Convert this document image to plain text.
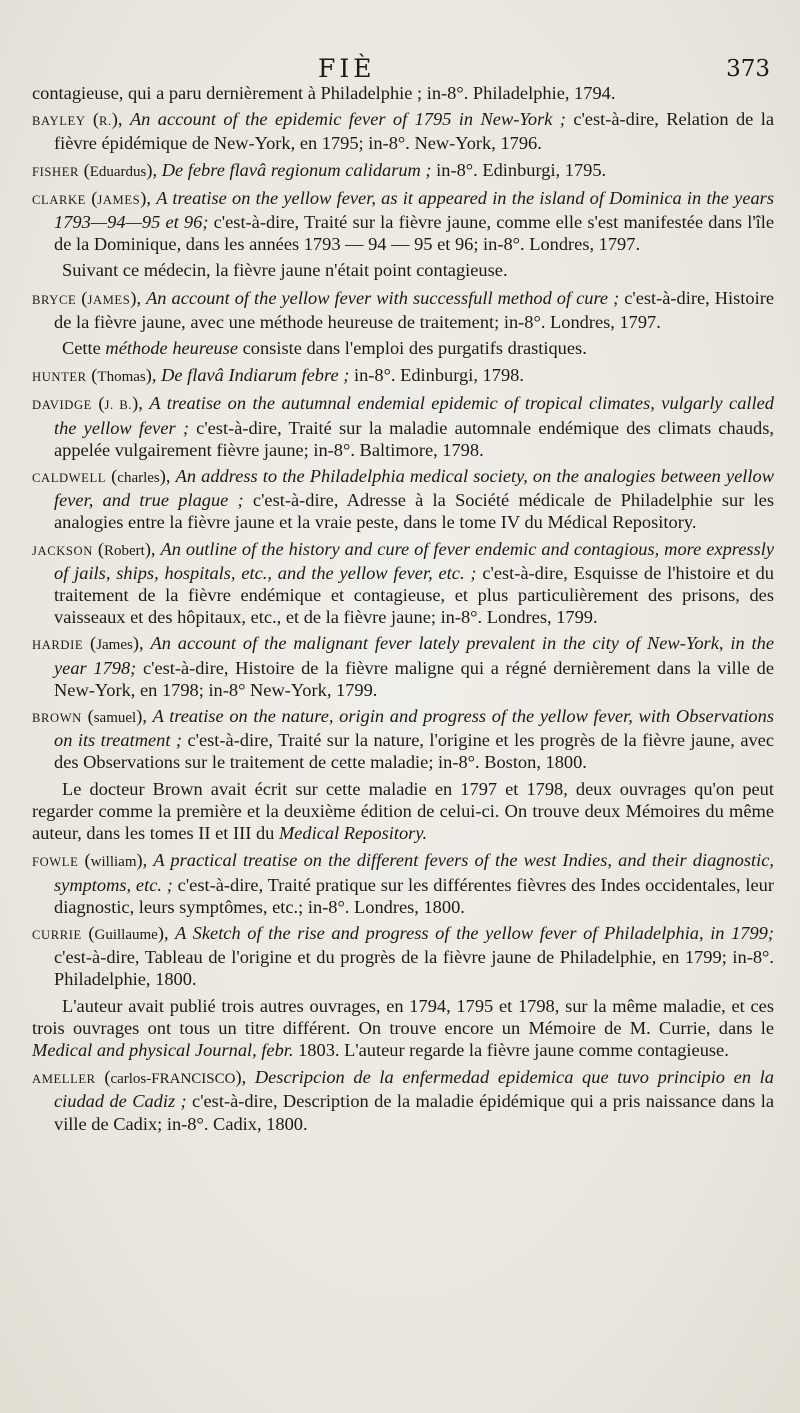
FIÈ	373

contagieuse, qui a paru dernièrement à Philadelphie ; in-8°. Philadelphie, 1794.

BAYLEY (R.), An account of the epidemic fever of 1795 in New-York ; c'est-à-dire, Relation de la fièvre épidémique de New-York, en 1795; in-8°. New-York, 1796.

FISHER (Eduardus), De febre flavâ regionum calidarum ; in-8°. Edinburgi, 1795.

CLARKE (JAMES), A treatise on the yellow fever, as it appeared in the island of Dominica in the years 1793—94—95 et 96; c'est-à-dire, Traité sur la fièvre jaune, comme elle s'est manifestée dans l'île de la Dominique, dans les années 1793 — 94 — 95 et 96; in-8°. Londres, 1797.

Suivant ce médecin, la fièvre jaune n'était point contagieuse.

BRYCE (JAMES), An account of the yellow fever with successfull method of cure ; c'est-à-dire, Histoire de la fièvre jaune, avec une méthode heureuse de traitement; in-8°. Londres, 1797.

Cette méthode heureuse consiste dans l'emploi des purgatifs drastiques.

HUNTER (Thomas), De flavâ Indiarum febre ; in-8°. Edinburgi, 1798.

DAVIDGE (J. B.), A treatise on the autumnal endemial epidemic of tropical climates, vulgarly called the yellow fever ; c'est-à-dire, Traité sur la maladie automnale endémique des climats chauds, appelée vulgairement fièvre jaune; in-8°. Baltimore, 1798.

CALDWELL (charles), An address to the Philadelphia medical society, on the analogies between yellow fever, and true plague ; c'est-à-dire, Adresse à la Société médicale de Philadelphie sur les analogies entre la fièvre jaune et la vraie peste, dans le tome IV du Médical Repository.

JACKSON (Robert), An outline of the history and cure of fever endemic and contagious, more expressly of jails, ships, hospitals, etc., and the yellow fever, etc. ; c'est-à-dire, Esquisse de l'histoire et du traitement de la fièvre endémique et contagieuse, et plus particulièrement des prisons, des vaisseaux et des hôpitaux, etc., et de la fièvre jaune; in-8°. Londres, 1799.

HARDIE (James), An account of the malignant fever lately prevalent in the city of New-York, in the year 1798; c'est-à-dire, Histoire de la fièvre maligne qui a régné dernièrement dans la ville de New-York, en 1798; in-8° New-York, 1799.

BROWN (samuel), A treatise on the nature, origin and progress of the yellow fever, with Observations on its treatment ; c'est-à-dire, Traité sur la nature, l'origine et les progrès de la fièvre jaune, avec des Observations sur le traitement de cette maladie; in-8°. Boston, 1800.

Le docteur Brown avait écrit sur cette maladie en 1797 et 1798, deux ouvrages qu'on peut regarder comme la première et la deuxième édition de celui-ci. On trouve deux Mémoires du même auteur, dans les tomes II et III du Medical Repository.

FOWLE (william), A practical treatise on the different fevers of the west Indies, and their diagnostic, symptoms, etc. ; c'est-à-dire, Traité pratique sur les différentes fièvres des Indes occidentales, leur diagnostic, leurs symptômes, etc.; in-8°. Londres, 1800.

CURRIE (Guillaume), A Sketch of the rise and progress of the yellow fever of Philadelphia, in 1799; c'est-à-dire, Tableau de l'origine et du progrès de la fièvre jaune de Philadelphie, en 1799; in-8°. Philadelphie, 1800.

L'auteur avait publié trois autres ouvrages, en 1794, 1795 et 1798, sur la même maladie, et ces trois ouvrages ont tous un titre différent. On trouve encore un Mémoire de M. Currie, dans le Medical and physical Journal, febr. 1803. L'auteur regarde la fièvre jaune comme contagieuse.

AMELLER (carlos-FRANCISCO), Descripcion de la enfermedad epidemica que tuvo principio en la ciudad de Cadiz ; c'est-à-dire, Description de la maladie épidémique qui a pris naissance dans la ville de Cadix; in-8°. Cadix, 1800.
